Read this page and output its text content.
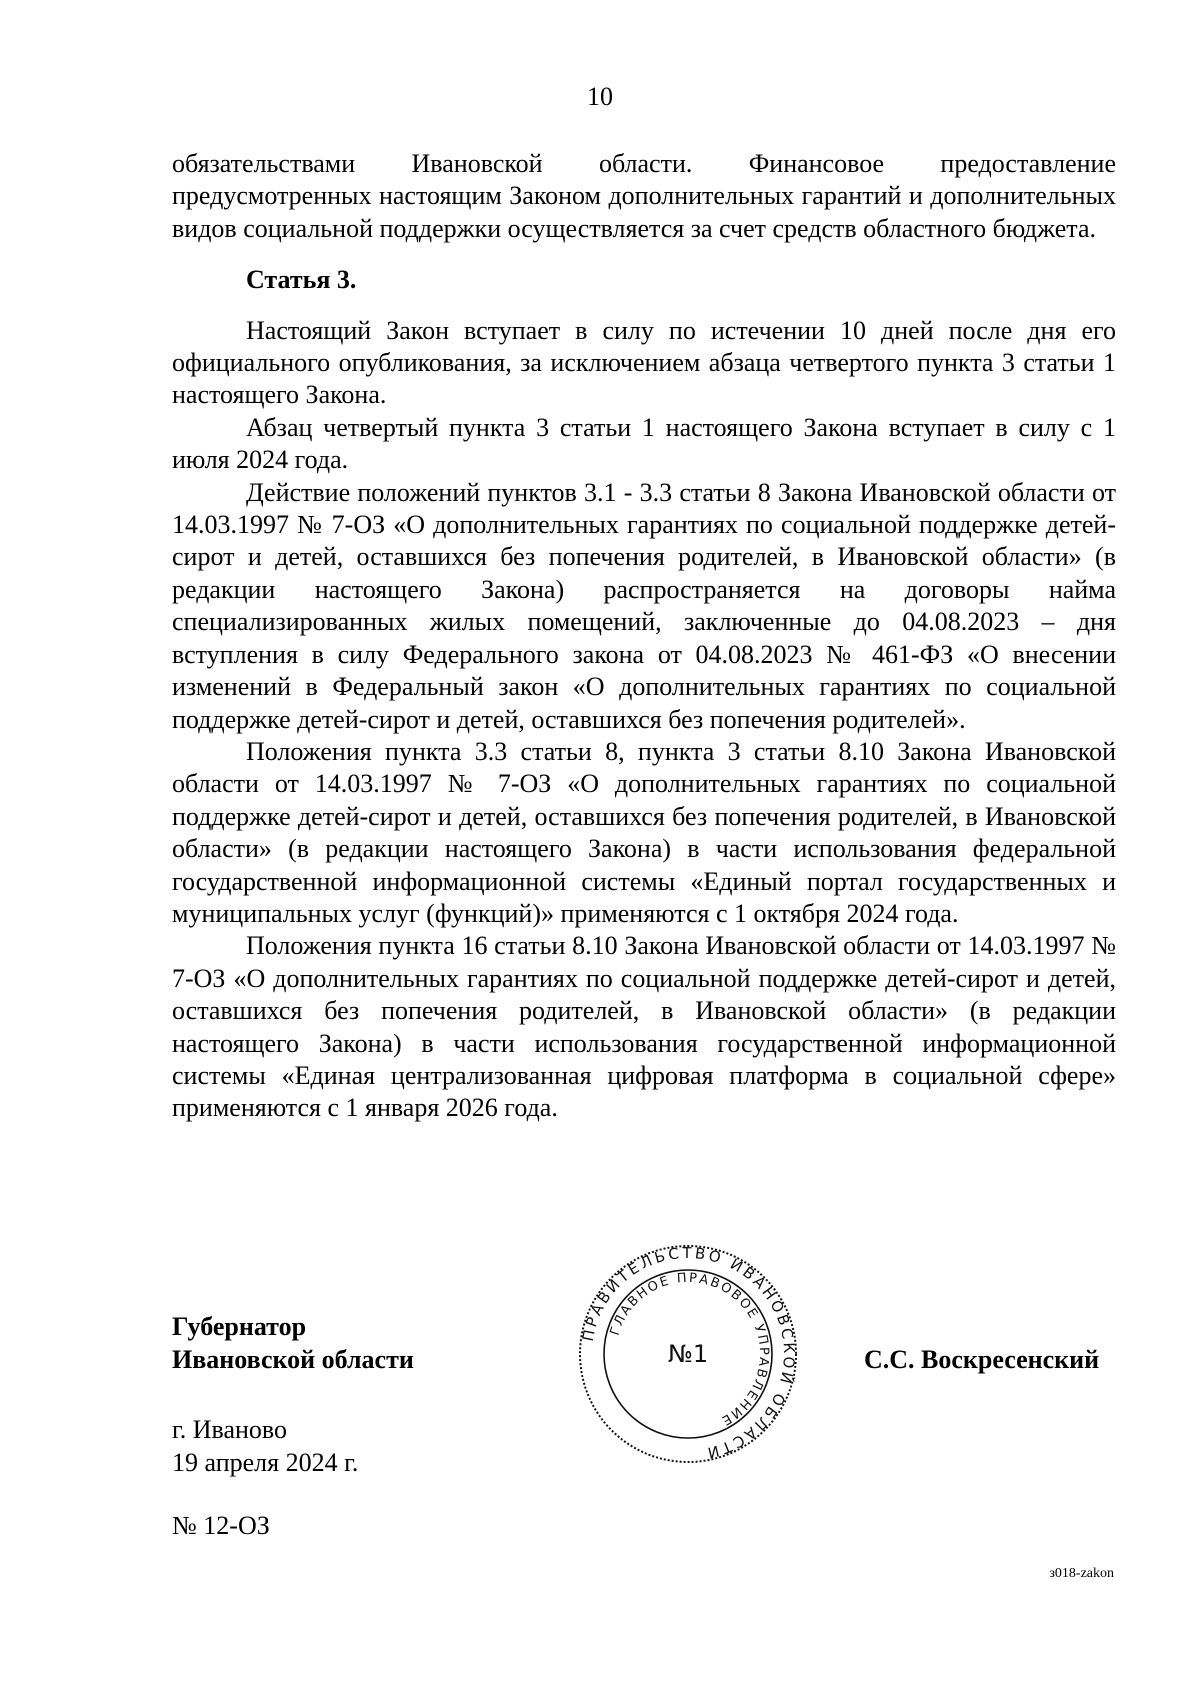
10

обязательствами Ивановской области. Финансовое предоставление предусмотренных настоящим Законом дополнительных гарантий и дополнительных видов социальной поддержки осуществляется за счет средств областного бюджета.

Статья 3.

Настоящий Закон вступает в силу по истечении 10 дней после дня его официального опубликования, за исключением абзаца четвертого пункта 3 статьи 1 настоящего Закона.

Абзац четвертый пункта 3 статьи 1 настоящего Закона вступает в силу с 1 июля 2024 года.

Действие положений пунктов 3.1 - 3.3 статьи 8 Закона Ивановской области от 14.03.1997 № 7-ОЗ «О дополнительных гарантиях по социальной поддержке детей-сирот и детей, оставшихся без попечения родителей, в Ивановской области» (в редакции настоящего Закона) распространяется на договоры найма специализированных жилых помещений, заключенные до 04.08.2023 – дня вступления в силу Федерального закона от 04.08.2023 № 461-ФЗ «О внесении изменений в Федеральный закон «О дополнительных гарантиях по социальной поддержке детей-сирот и детей, оставшихся без попечения родителей».

Положения пункта 3.3 статьи 8, пункта 3 статьи 8.10 Закона Ивановской области от 14.03.1997 № 7-ОЗ «О дополнительных гарантиях по социальной поддержке детей-сирот и детей, оставшихся без попечения родителей, в Ивановской области» (в редакции настоящего Закона) в части использования федеральной государственной информационной системы «Единый портал государственных и муниципальных услуг (функций)» применяются с 1 октября 2024 года.

Положения пункта 16 статьи 8.10 Закона Ивановской области от 14.03.1997 № 7-ОЗ «О дополнительных гарантиях по социальной поддержке детей-сирот и детей, оставшихся без попечения родителей, в Ивановской области» (в редакции настоящего Закона) в части использования государственной информационной системы «Единая централизованная цифровая платформа в социальной сфере» применяются с 1 января 2026 года.

Губернатор
Ивановской области	С.С. Воскресенский
ПРАВИТЕЛЬСТВО ИВАНОВСКОЙ ОБЛАСТИ
ГЛАВНОЕ ПРАВОВОЕ УПРАВЛЕНИЕ
№1
г. Иваново
19 апреля 2024 г.
№ 12-ОЗ
з018-zakon
